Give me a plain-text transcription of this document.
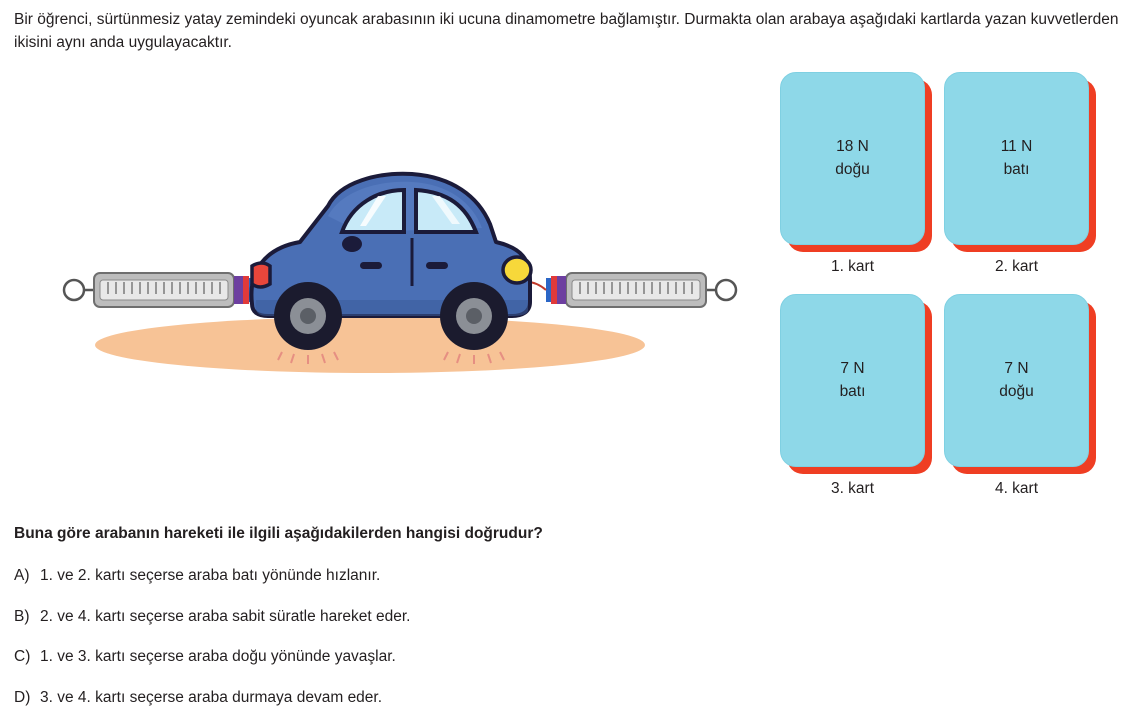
Bir öğrenci, sürtünmesiz yatay zemindeki oyuncak arabasının iki ucuna dinamometre bağlamıştır. Durmakta olan arabaya aşağıdaki kartlarda yazan kuvvetlerden ikisini aynı anda uygulayacaktır.
18 N
doğu
1. kart
11 N
batı
2. kart
7 N
batı
3. kart
7 N
doğu
4. kart
Buna göre arabanın hareketi ile ilgili aşağıdakilerden hangisi doğrudur?
A) 1. ve 2. kartı seçerse araba batı yönünde hızlanır.
B) 2. ve 4. kartı seçerse araba sabit süratle hareket eder.
C) 1. ve 3. kartı seçerse araba doğu yönünde yavaşlar.
D) 3. ve 4. kartı seçerse araba durmaya devam eder.
